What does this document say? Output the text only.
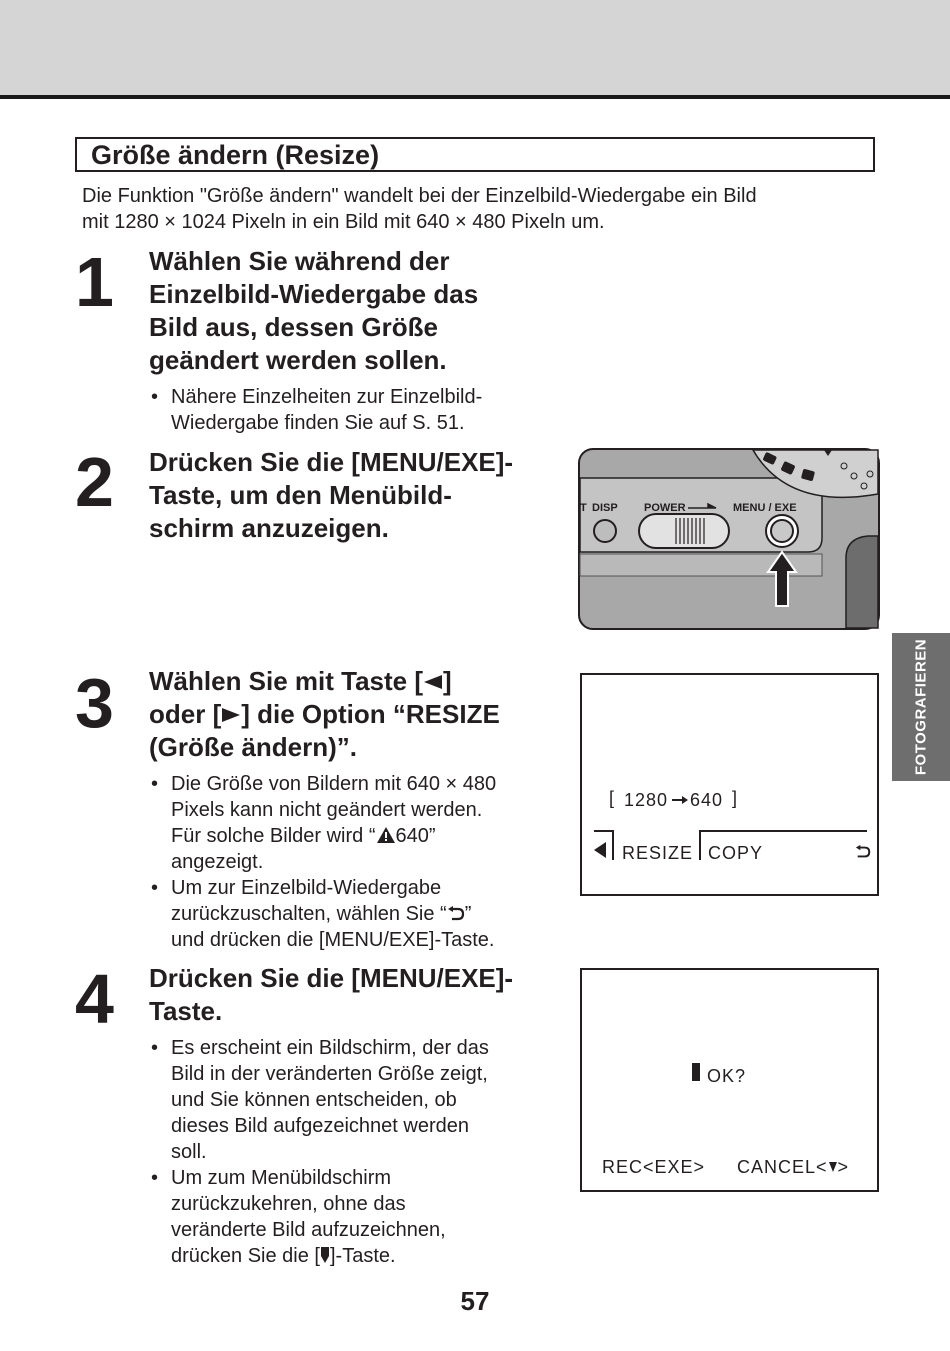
Größe ändern (Resize)
Die Funktion "Größe ändern" wandelt bei der Einzelbild-Wiedergabe ein Bild
mit 1280 × 1024 Pixeln in ein Bild mit 640 × 480 Pixeln um.
1 Wählen Sie während der
Einzelbild-Wiedergabe das
Bild aus, dessen Größe
geändert werden sollen.
• Nähere Einzelheiten zur Einzelbild-
Wiedergabe finden Sie auf S. 51.
2 Drücken Sie die [MENU/EXE]-
Taste, um den Menübild-
schirm anzuzeigen.
T DISP POWER	MENU / EXE
3 Wählen Sie mit Taste [ ]
oder [ ] die Option “RESIZE
(Größe ändern)”.
• Die Größe von Bildern mit 640 × 480
Pixels kann nicht geändert werden.
Für solche Bilder wird “ 640”
angezeigt.
• Um zur Einzelbild-Wiedergabe
zurückzuschalten, wählen Sie “ ”
und drücken die [MENU/EXE]-Taste.
[ 1280 640 ]
RESIZE COPY
4 Drücken Sie die [MENU/EXE]-
Taste.
• Es erscheint ein Bildschirm, der das
Bild in der veränderten Größe zeigt,
und Sie können entscheiden, ob
dieses Bild aufgezeichnet werden
soll.
• Um zum Menübildschirm
zurückzukehren, ohne das
veränderte Bild aufzuzeichnen,
drücken Sie die [ ]-Taste.
OK?
REC<EXE> CANCEL< >
FOTOGRAFIEREN
57
